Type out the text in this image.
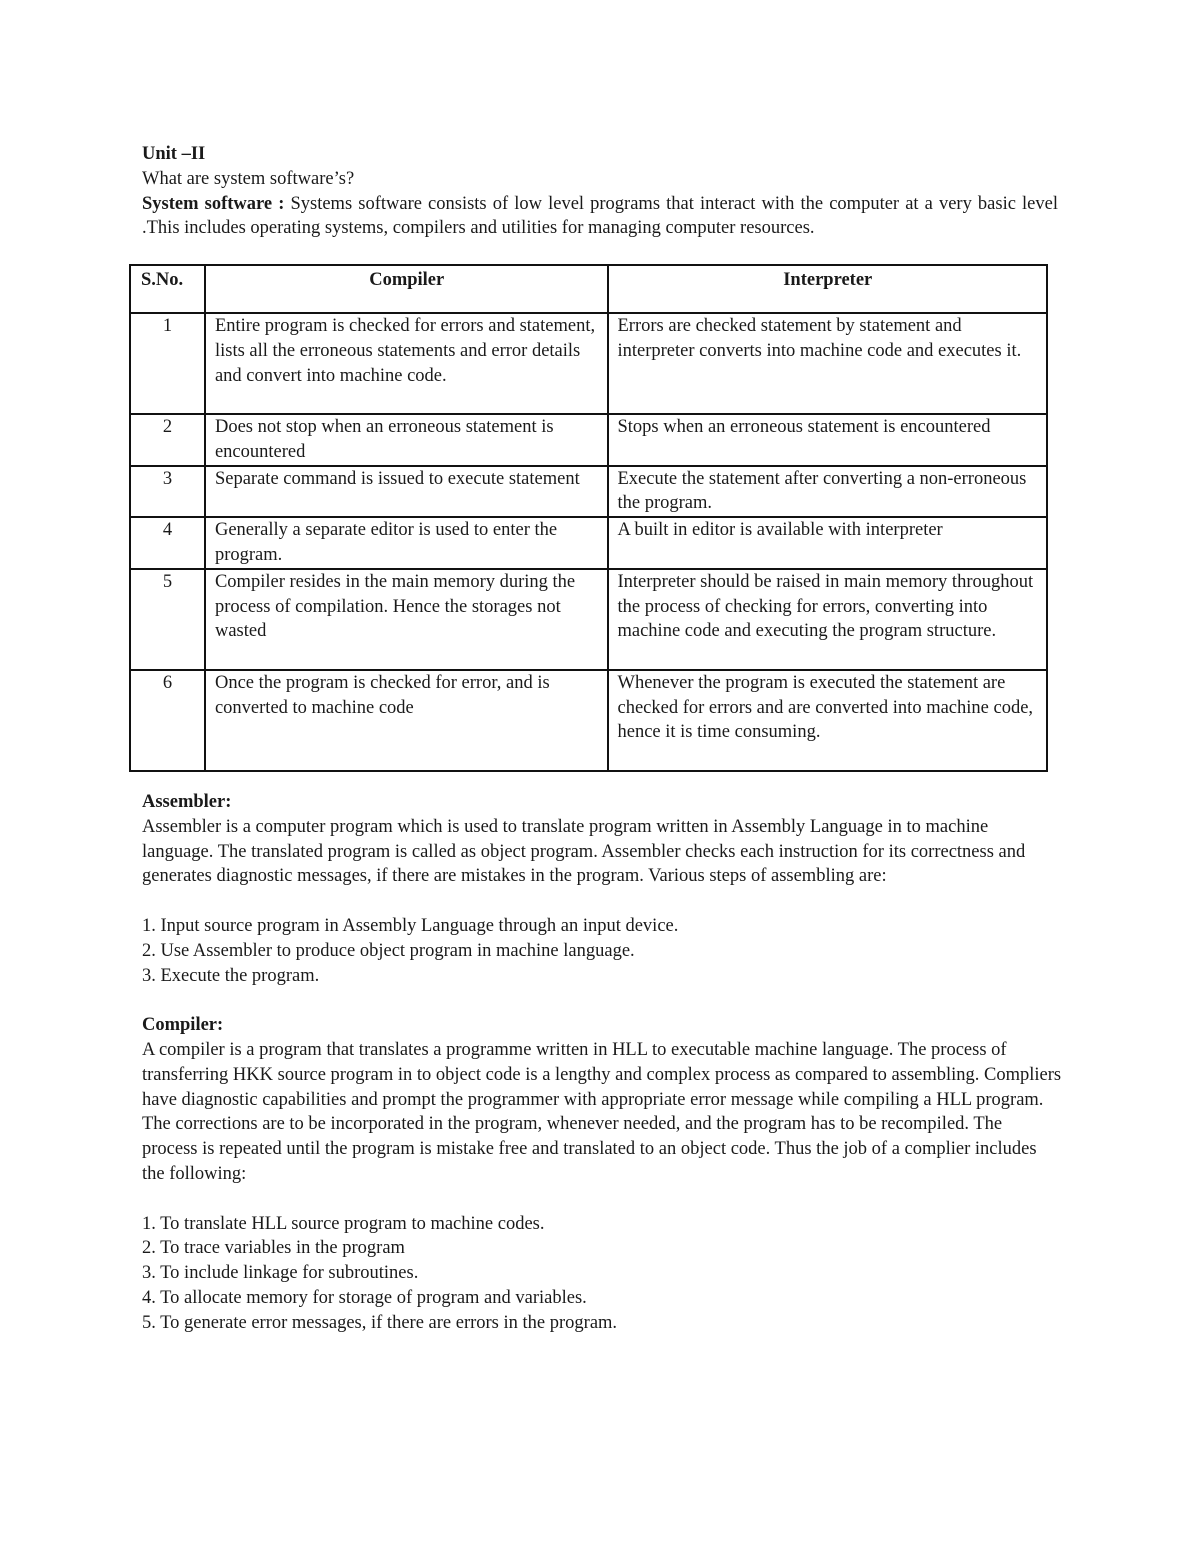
Unit –II

What are system software’s?

System software : Systems software consists of low level programs that interact with the computer at a very basic level .This includes operating systems, compilers and utilities for managing computer resources.

S.No.	Compiler	Interpreter
1	Entire program is checked for errors and statement, lists all the erroneous statements and error details and convert into machine code.	Errors are checked statement by statement and interpreter converts into machine code and executes it.
2	Does not stop when an erroneous statement is encountered	Stops when an erroneous statement is encountered
3	Separate command is issued to execute statement	Execute the statement after converting a non-erroneous the program.
4	Generally a separate editor is used to enter the program.	A built in editor is available with interpreter
5	Compiler resides in the main memory during the process of compilation. Hence the storages not wasted	Interpreter should be raised in main memory throughout the process of checking for errors, converting into machine code and executing the program structure.
6	Once the program is checked for error, and is converted to machine code	Whenever the program is executed the statement are checked for errors and are converted into machine code, hence it is time consuming.

Assembler:

Assembler is a computer program which is used to translate program written in Assembly Language in to machine language. The translated program is called as object program. Assembler checks each instruction for its correctness and generates diagnostic messages, if there are mistakes in the program. Various steps of assembling are:

1. Input source program in Assembly Language through an input device.
2. Use Assembler to produce object program in machine language.
3. Execute the program.

Compiler:

A compiler is a program that translates a programme written in HLL to executable machine language. The process of transferring HKK source program in to object code is a lengthy and complex process as compared to assembling. Compliers have diagnostic capabilities and prompt the programmer with appropriate error message while compiling a HLL program. The corrections are to be incorporated in the program, whenever needed, and the program has to be recompiled. The process is repeated until the program is mistake free and translated to an object code. Thus the job of a complier includes the following:

1. To translate HLL source program to machine codes.
2. To trace variables in the program
3. To include linkage for subroutines.
4. To allocate memory for storage of program and variables.
5. To generate error messages, if there are errors in the program.
